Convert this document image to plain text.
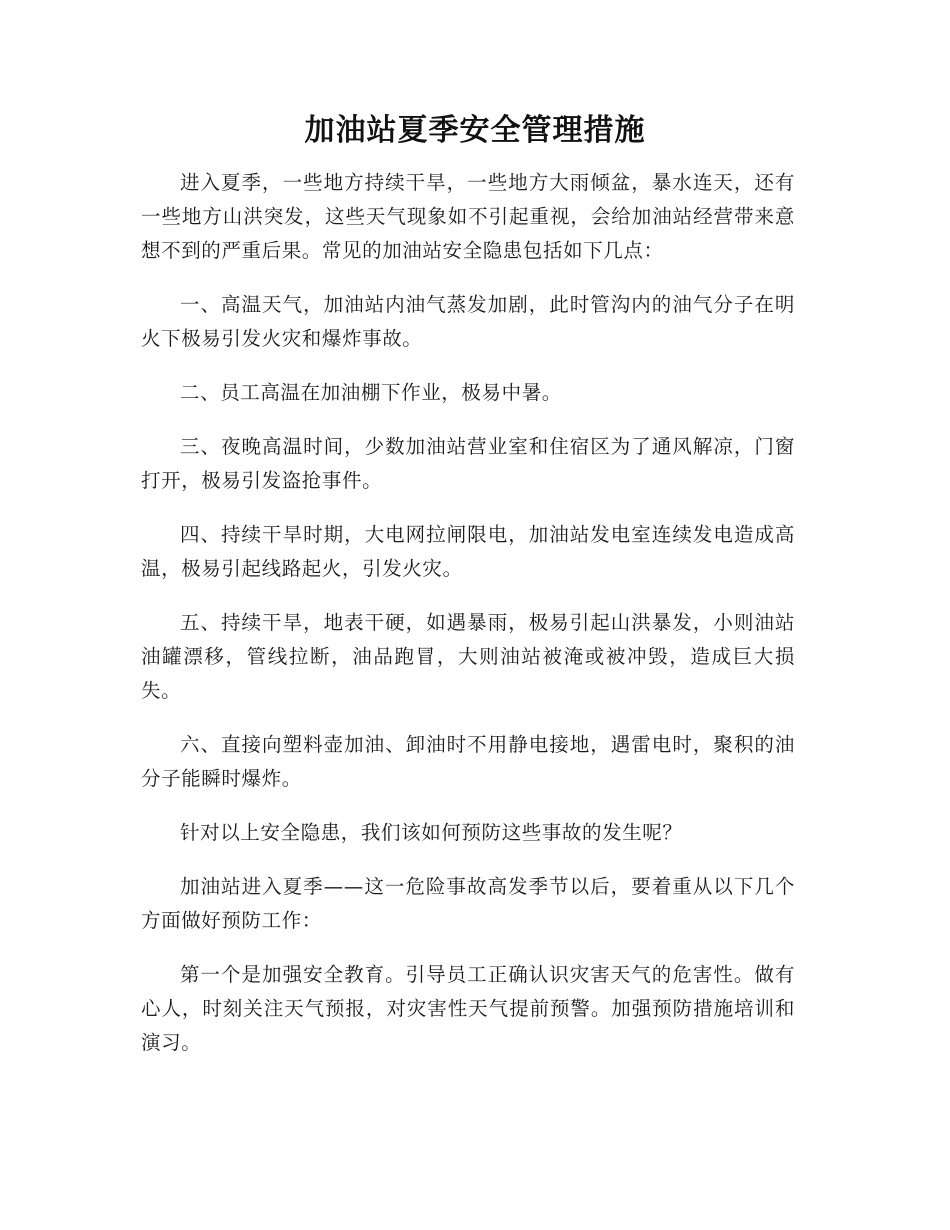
加油站夏季安全管理措施

进入夏季，一些地方持续干旱，一些地方大雨倾盆，暴水连天，还有一些地方山洪突发，这些天气现象如不引起重视，会给加油站经营带来意想不到的严重后果。常见的加油站安全隐患包括如下几点：

一、高温天气，加油站内油气蒸发加剧，此时管沟内的油气分子在明火下极易引发火灾和爆炸事故。

二、员工高温在加油棚下作业，极易中暑。

三、夜晚高温时间，少数加油站营业室和住宿区为了通风解凉，门窗打开，极易引发盗抢事件。

四、持续干旱时期，大电网拉闸限电，加油站发电室连续发电造成高温，极易引起线路起火，引发火灾。

五、持续干旱，地表干硬，如遇暴雨，极易引起山洪暴发，小则油站油罐漂移，管线拉断，油品跑冒，大则油站被淹或被冲毁，造成巨大损失。

六、直接向塑料壶加油、卸油时不用静电接地，遇雷电时，聚积的油分子能瞬时爆炸。

针对以上安全隐患，我们该如何预防这些事故的发生呢？

加油站进入夏季——这一危险事故高发季节以后，要着重从以下几个方面做好预防工作：

第一个是加强安全教育。引导员工正确认识灾害天气的危害性。做有心人，时刻关注天气预报，对灾害性天气提前预警。加强预防措施培训和演习。
